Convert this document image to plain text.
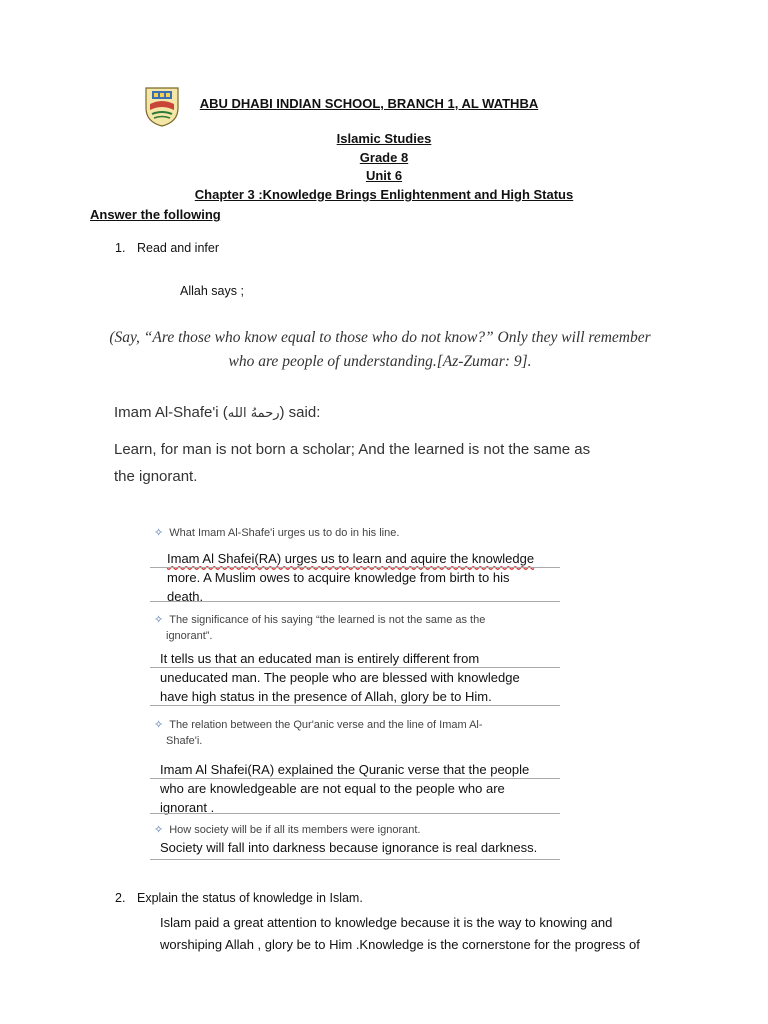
ABU DHABI INDIAN SCHOOL, BRANCH 1, AL WATHBA
Islamic Studies
Grade 8
Unit 6
Chapter 3 :Knowledge Brings Enlightenment and High Status
Answer the following
1. Read and infer
Allah says ;
(Say, “Are those who know equal to those who do not know?” Only they will remember
who are people of understanding.[Az-Zumar: 9].
Imam Al-Shafe'i (رحمهُ الله) said:
Learn, for man is not born a scholar; And the learned is not the same as
the ignorant.
✧ What Imam Al-Shafe'i urges us to do in his line.
Imam Al Shafei(RA) urges us to learn and aquire the knowledge
more. A Muslim owes to acquire knowledge from birth to his
death.
✧ The significance of his saying “the learned is not the same as the
ignorant”.
It tells us that an educated man is entirely different from
uneducated man. The people who are blessed with knowledge
have high status in the presence of Allah, glory be to Him.
✧ The relation between the Qur'anic verse and the line of Imam Al-
Shafe'i.
Imam Al Shafei(RA) explained the Quranic verse that the people
who are knowledgeable are not equal to the people who are
ignorant .
✧ How society will be if all its members were ignorant.
Society will fall into darkness because ignorance is real darkness.
2. Explain the status of knowledge in Islam.
Islam paid a great attention to knowledge because it is the way to knowing and
worshiping Allah , glory be to Him .Knowledge is the cornerstone for the progress of
